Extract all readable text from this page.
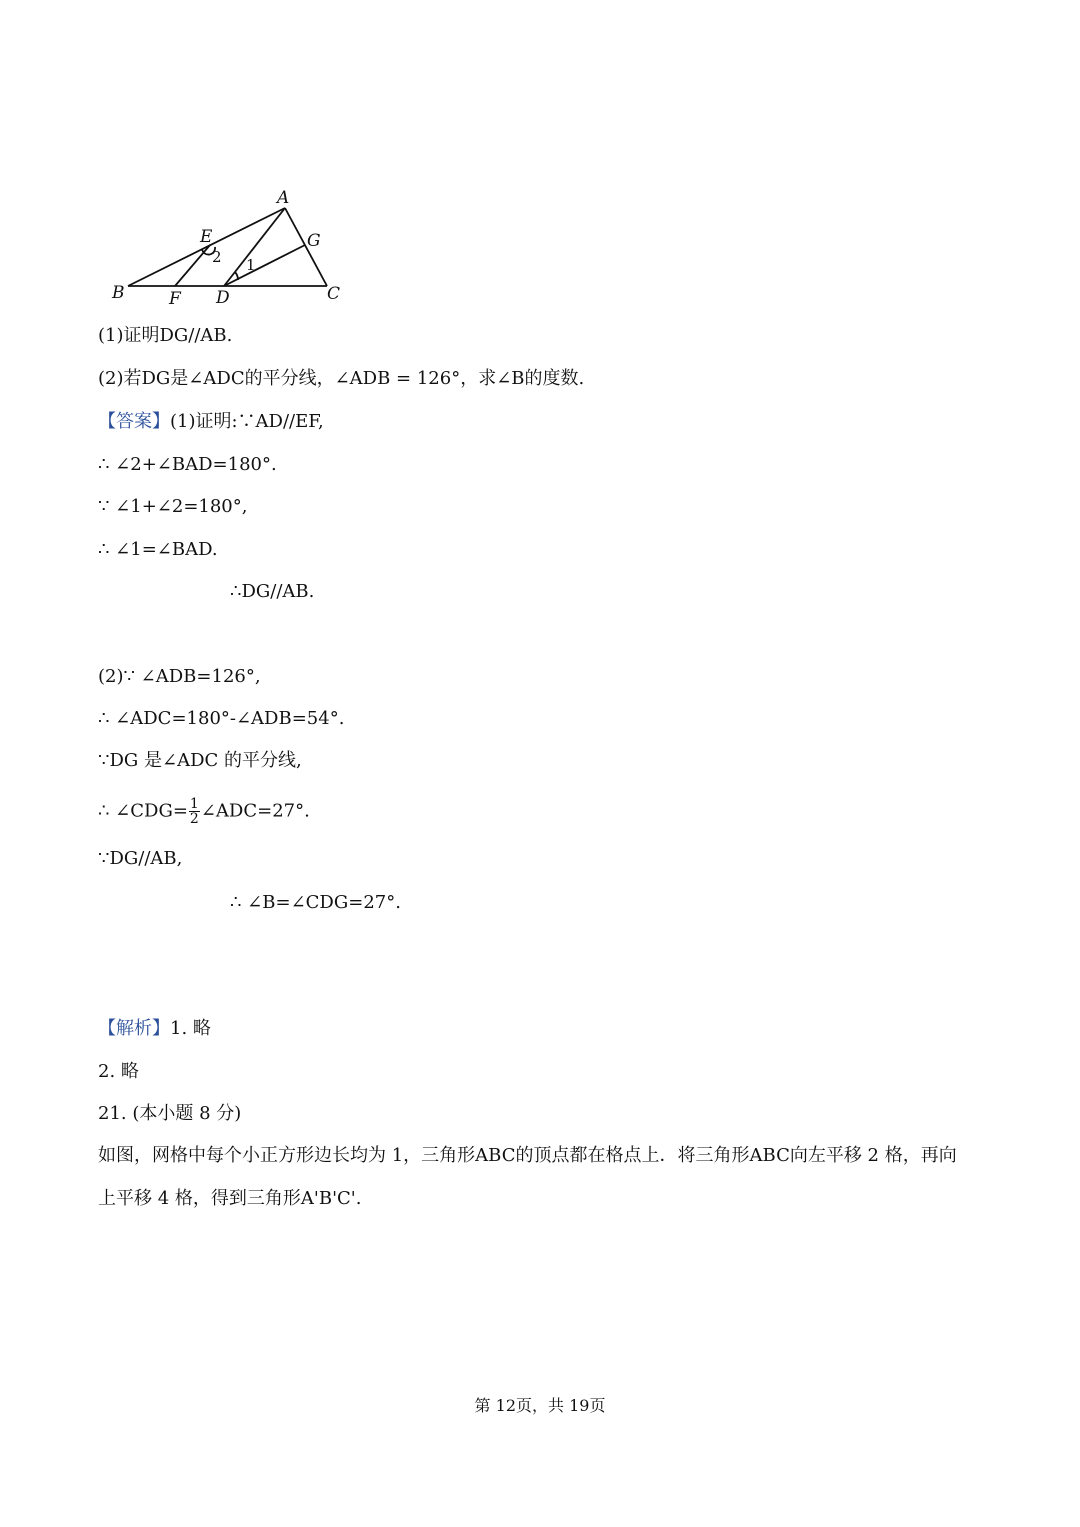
A
B	C
D
E
F
G
1
2
(1)证明DG//AB.
(2)若DG是∠ADC的平分线，∠ADB = 126°，求∠B的度数.
【答案】(1)证明:∵AD//EF,
∴ ∠2+∠BAD=180°.
∵ ∠1+∠2=180°,
∴ ∠1=∠BAD.
∴DG//AB.
(2)∵ ∠ADB=126°,
∴ ∠ADC=180°-∠ADB=54°.
∵DG 是∠ADC 的平分线,
∴ ∠CDG= $\frac{1}{2}$ ∠ADC=27°.
∵DG//AB,
∴ ∠B=∠CDG=27°.
【解析】1. 略
2. 略
21. (本小题 8 分)
如图，网格中每个小正方形边长均为 1，三角形ABC的顶点都在格点上．将三角形ABC向左平移 2 格，再向
上平移 4 格，得到三角形A'B'C'.
第 12页，共 19页
